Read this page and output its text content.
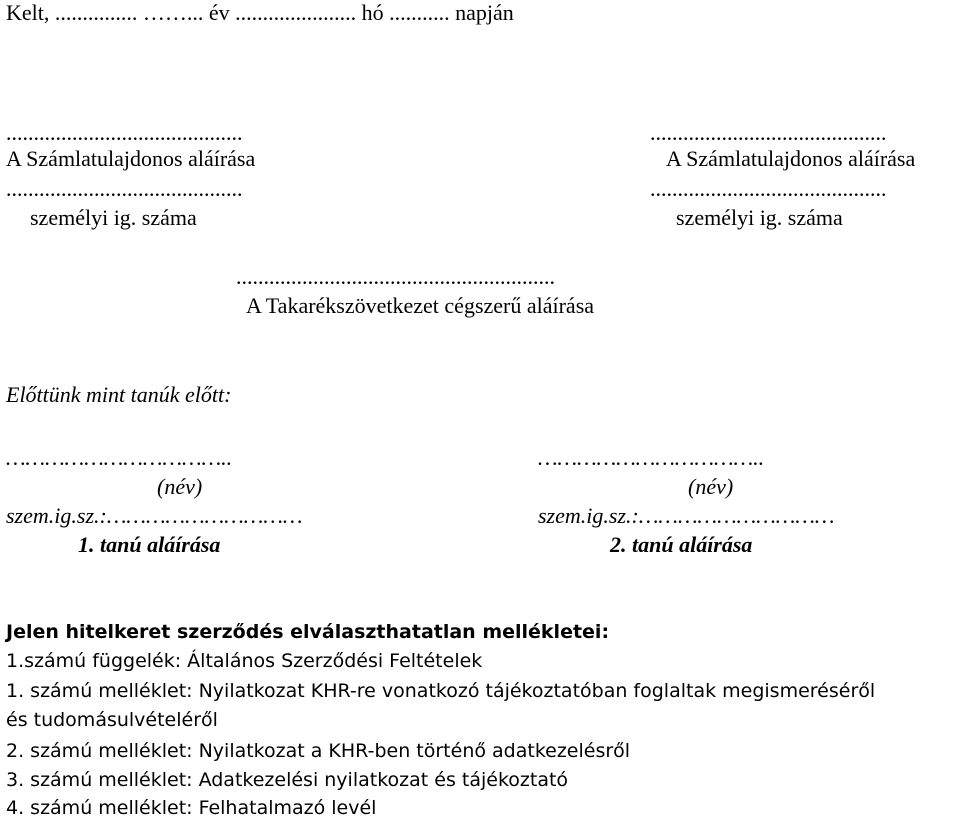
Kelt, ............... ……... év ...................... hó ........... napján
...........................................
A Számlatulajdonos aláírása
...........................................
személyi ig. száma
...........................................
A Számlatulajdonos aláírása
...........................................
személyi ig. száma
..........................................................
A Takarékszövetkezet cégszerű aláírása
Előttünk mint tanúk előtt:
……………………………..
(név)
szem.ig.sz.:…………………………
1. tanú aláírása
……………………………..
(név)
szem.ig.sz.:…………………………
2. tanú aláírása
Jelen hitelkeret szerződés elválaszthatatlan mellékletei:
1.számú függelék: Általános Szerződési Feltételek
1. számú melléklet: Nyilatkozat KHR-re vonatkozó tájékoztatóban foglaltak megismeréséről
és tudomásulvételéről
2. számú melléklet: Nyilatkozat a KHR-ben történő adatkezelésről
3. számú melléklet: Adatkezelési nyilatkozat és tájékoztató
4. számú melléklet: Felhatalmazó levél
